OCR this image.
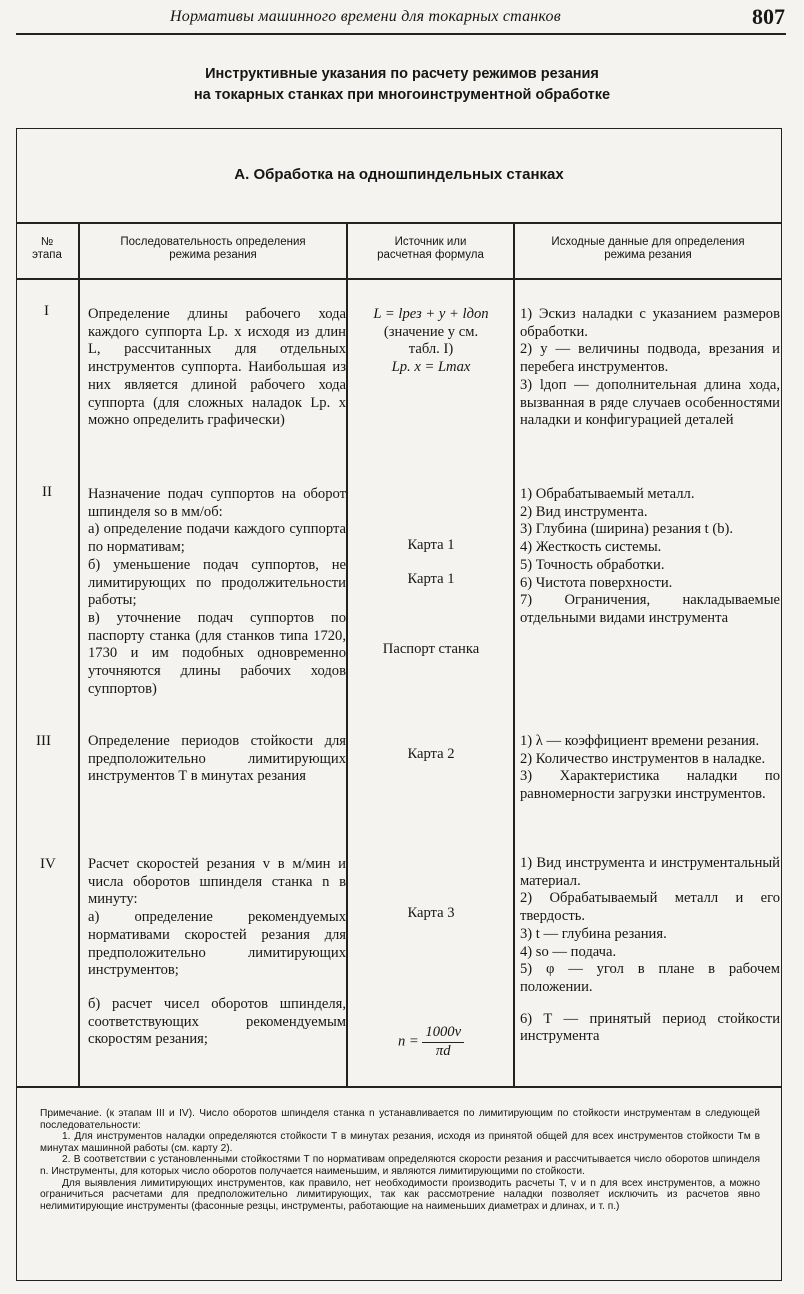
Нормативы машинного времени для токарных станков	807
Инструктивные указания по расчету режимов резания
на токарных станках при многоинструментной обработке
А. Обработка на одношпиндельных станках
№
этапа
Последовательность определения
режима резания
Источник или
расчетная формула
Исходные данные для определения
режима резания
I
II
III
IV
Определение длины рабочего хода каждого суппорта Lр. х исходя из длин L, рассчитанных для отдельных инструментов суппорта. Наибольшая из них является длиной рабочего хода суппорта (для сложных наладок Lр. х можно определить графически)
L = lрез + y + lдоп
(значение y см.
табл. I)
Lр. х = Lmax
1) Эскиз наладки с указанием размеров обработки.
2) y — величины подвода, врезания и перебега инструментов.
3) lдоп — дополнительная длина хода, вызванная в ряде случаев особенностями наладки и конфигурацией деталей
Назначение подач суппортов на оборот шпинделя so в мм/об:
а) определение подачи каждого суппорта по нормативам;
б) уменьшение подач суппортов, не лимитирующих по продолжительности работы;
в) уточнение подач суппортов по паспорту станка (для станков типа 1720, 1730 и им подобных одновременно уточняются длины рабочих ходов суппортов)
Карта 1
Карта 1
Паспорт станка
1) Обрабатываемый металл.
2) Вид инструмента.
3) Глубина (ширина) резания t (b).
4) Жесткость системы.
5) Точность обработки.
6) Чистота поверхности.
7) Ограничения, накладываемые отдельными видами инструмента
Определение периодов стойкости для предположительно лимитирующих инструментов T в минутах резания
Карта 2
1) λ — коэффициент времени резания.
2) Количество инструментов в наладке.
3) Характеристика наладки по равномерности загрузки инструментов.
Расчет скоростей резания v в м/мин и числа оборотов шпинделя станка n в минуту:
а) определение рекомендуемых нормативами скоростей резания для предположительно лимитирующих инструментов;
б) расчет чисел оборотов шпинделя, соответствующих рекомендуемым скоростям резания;
Карта 3
$n = \frac{1000v}{\pi d}$
1) Вид инструмента и инструментальный материал.
2) Обрабатываемый металл и его твердость.
3) t — глубина резания.
4) so — подача.
5) φ — угол в плане в рабочем положении.
6) T — принятый период стойкости инструмента

Примечание. (к этапам III и IV). Число оборотов шпинделя станка n устанавливается по лимитирующим по стойкости инструментам в следующей последовательности:

1. Для инструментов наладки определяются стойкости T в минутах резания, исходя из принятой общей для всех инструментов стойкости Tм в минутах машинной работы (см. карту 2).

2. В соответствии с установленными стойкостями T по нормативам определяются скорости резания и рассчитывается число оборотов шпинделя n. Инструменты, для которых число оборотов получается наименьшим, и являются лимитирующими по стойкости.

Для выявления лимитирующих инструментов, как правило, нет необходимости производить расчеты T, v и n для всех инструментов, а можно ограничиться расчетами для предположительно лимитирующих, так как рассмотрение наладки позволяет исключить из расчетов явно нелимитирующие инструменты (фасонные резцы, инструменты, работающие на наименьших диаметрах и длинах, и т. п.)
